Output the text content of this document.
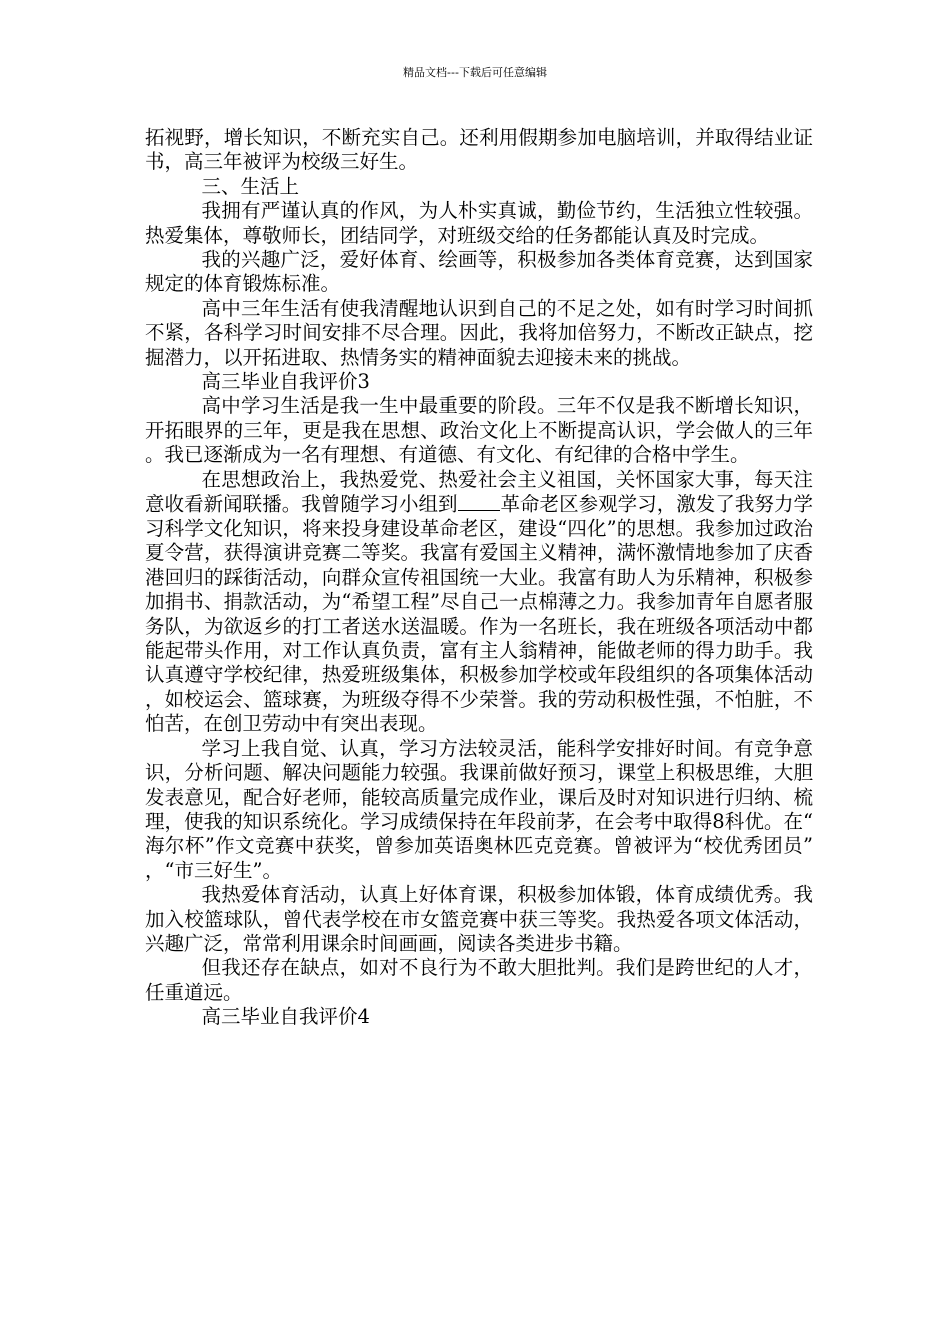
精品文档---下载后可任意编辑

拓视野，增长知识，不断充实自己。还利用假期参加电脑培训，并取得结业证书，高三年被评为校级三好生。

三、生活上

我拥有严谨认真的作风，为人朴实真诚，勤俭节约，生活独立性较强。热爱集体，尊敬师长，团结同学，对班级交给的任务都能认真及时完成。

我的兴趣广泛，爱好体育、绘画等，积极参加各类体育竞赛，达到国家规定的体育锻炼标准。

高中三年生活有使我清醒地认识到自己的不足之处，如有时学习时间抓不紧，各科学习时间安排不尽合理。因此，我将加倍努力，不断改正缺点，挖掘潜力，以开拓进取、热情务实的精神面貌去迎接未来的挑战。

高三毕业自我评价3

高中学习生活是我一生中最重要的阶段。三年不仅是我不断增长知识，开拓眼界的三年，更是我在思想、政治文化上不断提高认识，学会做人的三年。我已逐渐成为一名有理想、有道德、有文化、有纪律的合格中学生。

在思想政治上，我热爱党、热爱社会主义祖国，关怀国家大事，每天注意收看新闻联播。我曾随学习小组到 革命老区参观学习，激发了我努力学习科学文化知识，将来投身建设革命老区，建设“四化”的思想。我参加过政治夏令营，获得演讲竞赛二等奖。我富有爱国主义精神，满怀激情地参加了庆香港回归的踩街活动，向群众宣传祖国统一大业。我富有助人为乐精神，积极参加捐书、捐款活动，为“希望工程”尽自己一点棉薄之力。我参加青年自愿者服务队，为欲返乡的打工者送水送温暖。作为一名班长，我在班级各项活动中都能起带头作用，对工作认真负责，富有主人翁精神，能做老师的得力助手。我认真遵守学校纪律，热爱班级集体，积极参加学校或年段组织的各项集体活动，如校运会、篮球赛，为班级夺得不少荣誉。我的劳动积极性强，不怕脏，不怕苦，在创卫劳动中有突出表现。

学习上我自觉、认真，学习方法较灵活，能科学安排好时间。有竞争意识，分析问题、解决问题能力较强。我课前做好预习，课堂上积极思维，大胆发表意见，配合好老师，能较高质量完成作业，课后及时对知识进行归纳、梳理，使我的知识系统化。学习成绩保持在年段前茅，在会考中取得8科优。在“海尔杯”作文竞赛中获奖，曾参加英语奥林匹克竞赛。曾被评为“校优秀团员”，“市三好生”。

我热爱体育活动，认真上好体育课，积极参加体锻，体育成绩优秀。我加入校篮球队，曾代表学校在市女篮竞赛中获三等奖。我热爱各项文体活动，兴趣广泛，常常利用课余时间画画，阅读各类进步书籍。

但我还存在缺点，如对不良行为不敢大胆批判。我们是跨世纪的人才，任重道远。

高三毕业自我评价4
